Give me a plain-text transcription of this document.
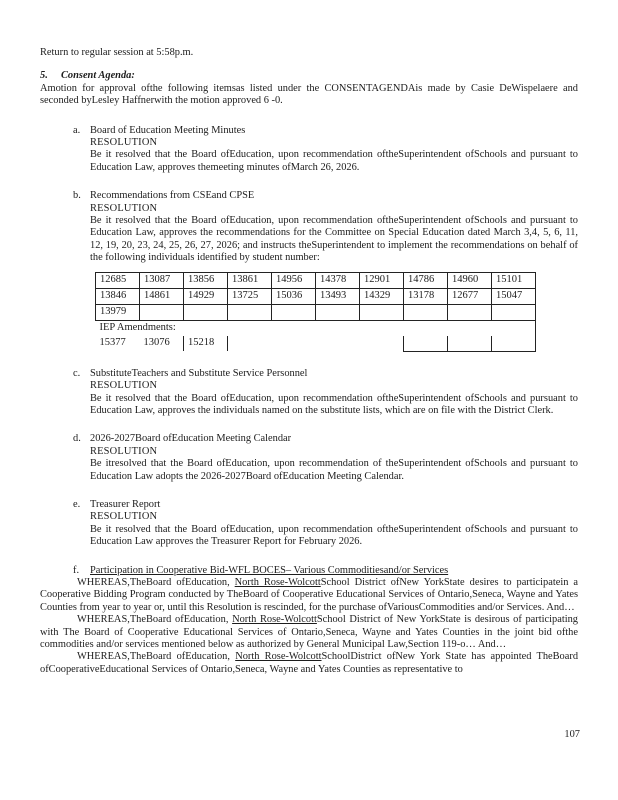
Return to regular session at 5:58p.m.
5. Consent Agenda:
Amotion for approval ofthe following itemsas listed under the CONSENTAGENDAis made by Casie DeWispelaere and seconded byLesley Haffnerwith the motion approved 6 -0.
a. Board of Education Meeting Minutes
RESOLUTION
Be it resolved that the Board ofEducation, upon recommendation oftheSuperintendent ofSchools and pursuant to Education Law, approves themeeting minutes ofMarch 26, 2026.
b. Recommendations from CSEand CPSE
RESOLUTION
Be it resolved that the Board ofEducation, upon recommendation oftheSuperintendent ofSchools and pursuant to Education Law, approves the recommendations for the Committee on Special Education dated March 3,4, 5, 6, 11, 12, 19, 20, 23, 24, 25, 26, 27, 2026; and instructs theSuperintendent to implement the recommendations on behalf of the following individuals identified by student number:
12685	13087	13856	13861	14956	14378	12901	14786	14960	15101
13846	14861	14929	13725	15036	13493	14329	13178	12677	15047
13979									
IEP Amendments:									
15377	13076	15218							
c. SubstituteTeachers and Substitute Service Personnel
RESOLUTION
Be it resolved that the Board ofEducation, upon recommendation oftheSuperintendent ofSchools and pursuant to Education Law, approves the individuals named on the substitute lists, which are on file with the District Clerk.
d. 2026-2027Board ofEducation Meeting Calendar
RESOLUTION
Be itresolved that the Board ofEducation, upon recommendation of theSuperintendent ofSchools and pursuant to Education Law adopts the 2026-2027Board ofEducation Meeting Calendar.
e. Treasurer Report
RESOLUTION
Be it resolved that the Board ofEducation, upon recommendation oftheSuperintendent ofSchools and pursuant to Education Law approves the Treasurer Report for February 2026.
f. Participation in Cooperative Bid-WFL BOCES– Various Commoditiesand/or Services
WHEREAS,TheBoard ofEducation, North Rose-WolcottSchool District ofNew YorkState desires to participatein a Cooperative Bidding Program conducted by TheBoard of Cooperative Educational Services of Ontario,Seneca, Wayne and Yates Counties from year to year or, until this Resolution is rescinded, for the purchase ofVariousCommodities and/or Services. And…
WHEREAS,TheBoard ofEducation, North Rose-WolcottSchool District of New YorkState is desirous of participating with The Board of Cooperative Educational Services of Ontario,Seneca, Wayne and Yates Counties in the joint bid ofthe commodities and/or services mentioned below as authorized by General Municipal Law,Section 119-o… And…
WHEREAS,TheBoard ofEducation, North Rose-WolcottSchoolDistrict ofNew York State has appointed TheBoard ofCooperativeEducational Services of Ontario,Seneca, Wayne and Yates Counties as representative to
107
